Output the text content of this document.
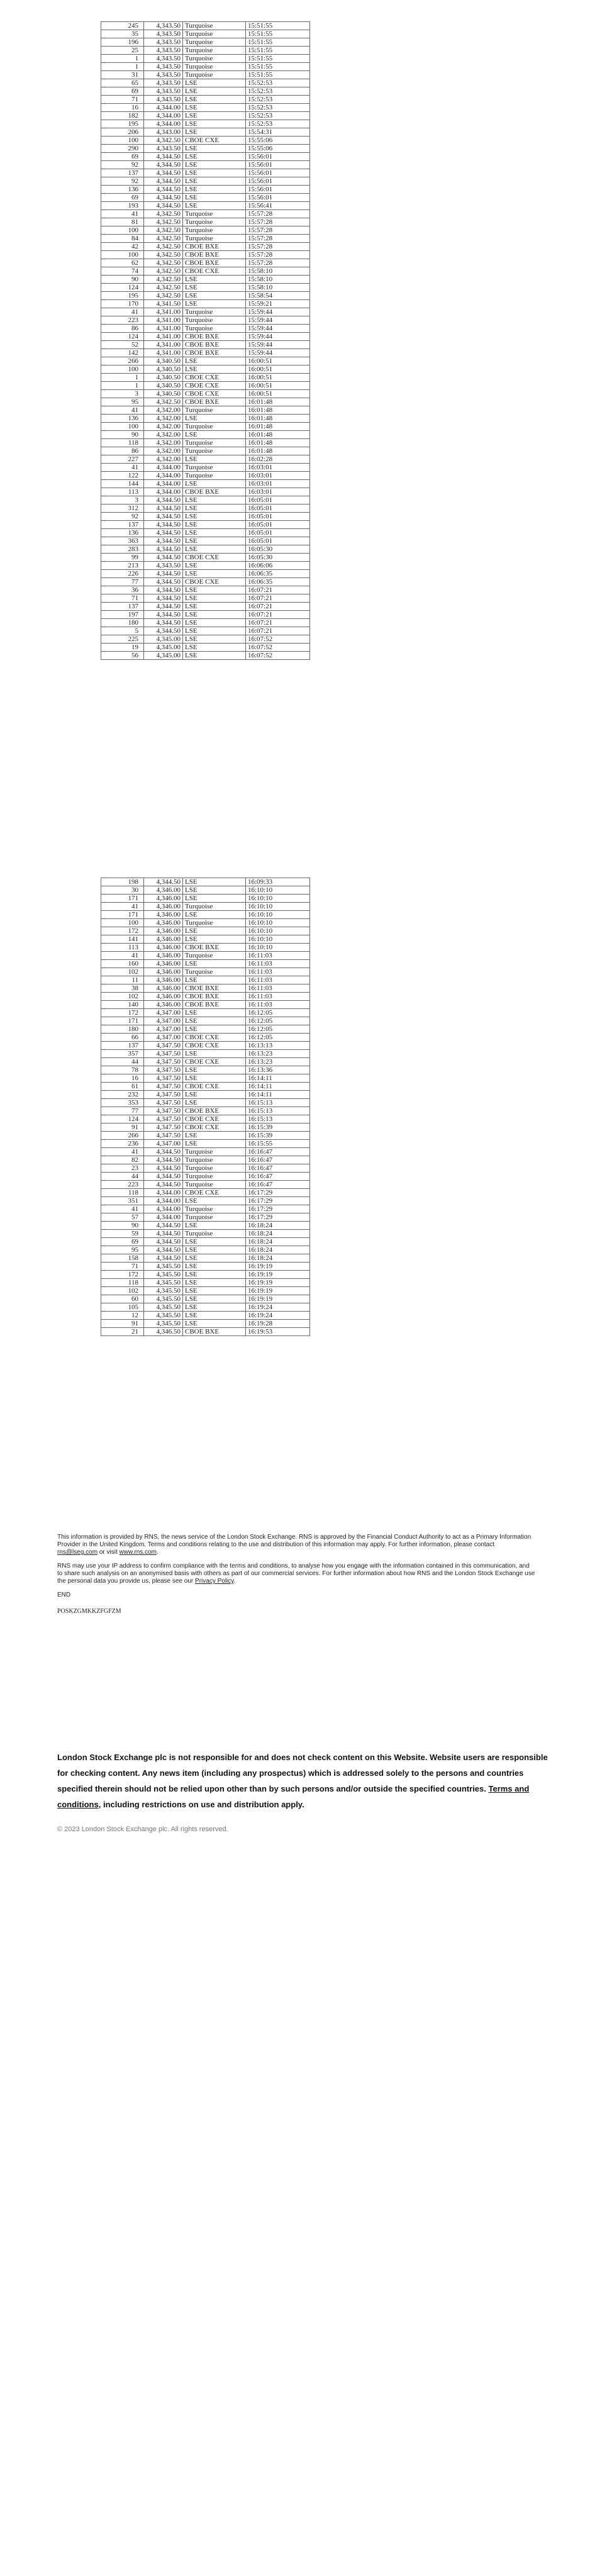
245	4,343.50	Turquoise	15:51:55
35	4,343.50	Turquoise	15:51:55
196	4,343.50	Turquoise	15:51:55
25	4,343.50	Turquoise	15:51:55
1	4,343.50	Turquoise	15:51:55
1	4,343.50	Turquoise	15:51:55
31	4,343.50	Turquoise	15:51:55
65	4,343.50	LSE	15:52:53
69	4,343.50	LSE	15:52:53
71	4,343.50	LSE	15:52:53
16	4,344.00	LSE	15:52:53
182	4,344.00	LSE	15:52:53
195	4,344.00	LSE	15:52:53
206	4,343.00	LSE	15:54:31
100	4,342.50	CBOE CXE	15:55:06
290	4,343.50	LSE	15:55:06
69	4,344.50	LSE	15:56:01
92	4,344.50	LSE	15:56:01
137	4,344.50	LSE	15:56:01
92	4,344.50	LSE	15:56:01
136	4,344.50	LSE	15:56:01
69	4,344.50	LSE	15:56:01
193	4,344.50	LSE	15:56:41
41	4,342.50	Turquoise	15:57:28
81	4,342.50	Turquoise	15:57:28
100	4,342.50	Turquoise	15:57:28
84	4,342.50	Turquoise	15:57:28
42	4,342.50	CBOE BXE	15:57:28
100	4,342.50	CBOE BXE	15:57:28
62	4,342.50	CBOE BXE	15:57:28
74	4,342.50	CBOE CXE	15:58:10
90	4,342.50	LSE	15:58:10
124	4,342.50	LSE	15:58:10
195	4,342.50	LSE	15:58:54
170	4,341.50	LSE	15:59:21
41	4,341.00	Turquoise	15:59:44
223	4,341.00	Turquoise	15:59:44
86	4,341.00	Turquoise	15:59:44
124	4,341.00	CBOE BXE	15:59:44
52	4,341.00	CBOE BXE	15:59:44
142	4,341.00	CBOE BXE	15:59:44
266	4,340.50	LSE	16:00:51
100	4,340.50	LSE	16:00:51
1	4,340.50	CBOE CXE	16:00:51
1	4,340.50	CBOE CXE	16:00:51
3	4,340.50	CBOE CXE	16:00:51
95	4,342.50	CBOE BXE	16:01:48
41	4,342.00	Turquoise	16:01:48
136	4,342.00	LSE	16:01:48
100	4,342.00	Turquoise	16:01:48
90	4,342.00	LSE	16:01:48
118	4,342.00	Turquoise	16:01:48
86	4,342.00	Turquoise	16:01:48
227	4,342.00	LSE	16:02:28
41	4,344.00	Turquoise	16:03:01
122	4,344.00	Turquoise	16:03:01
144	4,344.00	LSE	16:03:01
113	4,344.00	CBOE BXE	16:03:01
3	4,344.50	LSE	16:05:01
312	4,344.50	LSE	16:05:01
92	4,344.50	LSE	16:05:01
137	4,344.50	LSE	16:05:01
136	4,344.50	LSE	16:05:01
363	4,344.50	LSE	16:05:01
283	4,344.50	LSE	16:05:30
99	4,344.50	CBOE CXE	16:05:30
213	4,343.50	LSE	16:06:06
226	4,344.50	LSE	16:06:35
77	4,344.50	CBOE CXE	16:06:35
36	4,344.50	LSE	16:07:21
71	4,344.50	LSE	16:07:21
137	4,344.50	LSE	16:07:21
197	4,344.50	LSE	16:07:21
180	4,344.50	LSE	16:07:21
5	4,344.50	LSE	16:07:21
225	4,345.00	LSE	16:07:52
19	4,345.00	LSE	16:07:52
56	4,345.00	LSE	16:07:52
198	4,344.50	LSE	16:09:33
30	4,346.00	LSE	16:10:10
171	4,346.00	LSE	16:10:10
41	4,346.00	Turquoise	16:10:10
171	4,346.00	LSE	16:10:10
100	4,346.00	Turquoise	16:10:10
172	4,346.00	LSE	16:10:10
141	4,346.00	LSE	16:10:10
113	4,346.00	CBOE BXE	16:10:10
41	4,346.00	Turquoise	16:11:03
160	4,346.00	LSE	16:11:03
102	4,346.00	Turquoise	16:11:03
11	4,346.00	LSE	16:11:03
38	4,346.00	CBOE BXE	16:11:03
102	4,346.00	CBOE BXE	16:11:03
140	4,346.00	CBOE BXE	16:11:03
172	4,347.00	LSE	16:12:05
171	4,347.00	LSE	16:12:05
180	4,347.00	LSE	16:12:05
66	4,347.00	CBOE CXE	16:12:05
137	4,347.50	CBOE CXE	16:13:13
357	4,347.50	LSE	16:13:23
44	4,347.50	CBOE CXE	16:13:23
78	4,347.50	LSE	16:13:36
16	4,347.50	LSE	16:14:11
61	4,347.50	CBOE CXE	16:14:11
232	4,347.50	LSE	16:14:11
353	4,347.50	LSE	16:15:13
77	4,347.50	CBOE BXE	16:15:13
124	4,347.50	CBOE CXE	16:15:13
91	4,347.50	CBOE CXE	16:15:39
266	4,347.50	LSE	16:15:39
236	4,347.00	LSE	16:15:55
41	4,344.50	Turquoise	16:16:47
82	4,344.50	Turquoise	16:16:47
23	4,344.50	Turquoise	16:16:47
44	4,344.50	Turquoise	16:16:47
223	4,344.50	Turquoise	16:16:47
118	4,344.00	CBOE CXE	16:17:29
351	4,344.00	LSE	16:17:29
41	4,344.00	Turquoise	16:17:29
57	4,344.00	Turquoise	16:17:29
90	4,344.50	LSE	16:18:24
59	4,344.50	Turquoise	16:18:24
69	4,344.50	LSE	16:18:24
95	4,344.50	LSE	16:18:24
158	4,344.50	LSE	16:18:24
71	4,345.50	LSE	16:19:19
172	4,345.50	LSE	16:19:19
118	4,345.50	LSE	16:19:19
102	4,345.50	LSE	16:19:19
60	4,345.50	LSE	16:19:19
105	4,345.50	LSE	16:19:24
12	4,345.50	LSE	16:19:24
91	4,345.50	LSE	16:19:28
21	4,346.50	CBOE BXE	16:19:53

This information is provided by RNS, the news service of the London Stock Exchange. RNS is approved by the Financial Conduct Authority to act as a Primary Information Provider in the United Kingdom. Terms and conditions relating to the use and distribution of this information may apply. For further information, please contact rns@lseg.com or visit www.rns.com.

RNS may use your IP address to confirm compliance with the terms and conditions, to analyse how you engage with the information contained in this communication, and to share such analysis on an anonymised basis with others as part of our commercial services. For further information about how RNS and the London Stock Exchange use the personal data you provide us, please see our Privacy Policy.

END

POSKZGMKKZFGFZM
London Stock Exchange plc is not responsible for and does not check content on this Website. Website users are responsible for checking content. Any news item (including any prospectus) which is addressed solely to the persons and countries specified therein should not be relied upon other than by such persons and/or outside the specified countries. Terms and conditions, including restrictions on use and distribution apply.
© 2023 London Stock Exchange plc. All rights reserved.
